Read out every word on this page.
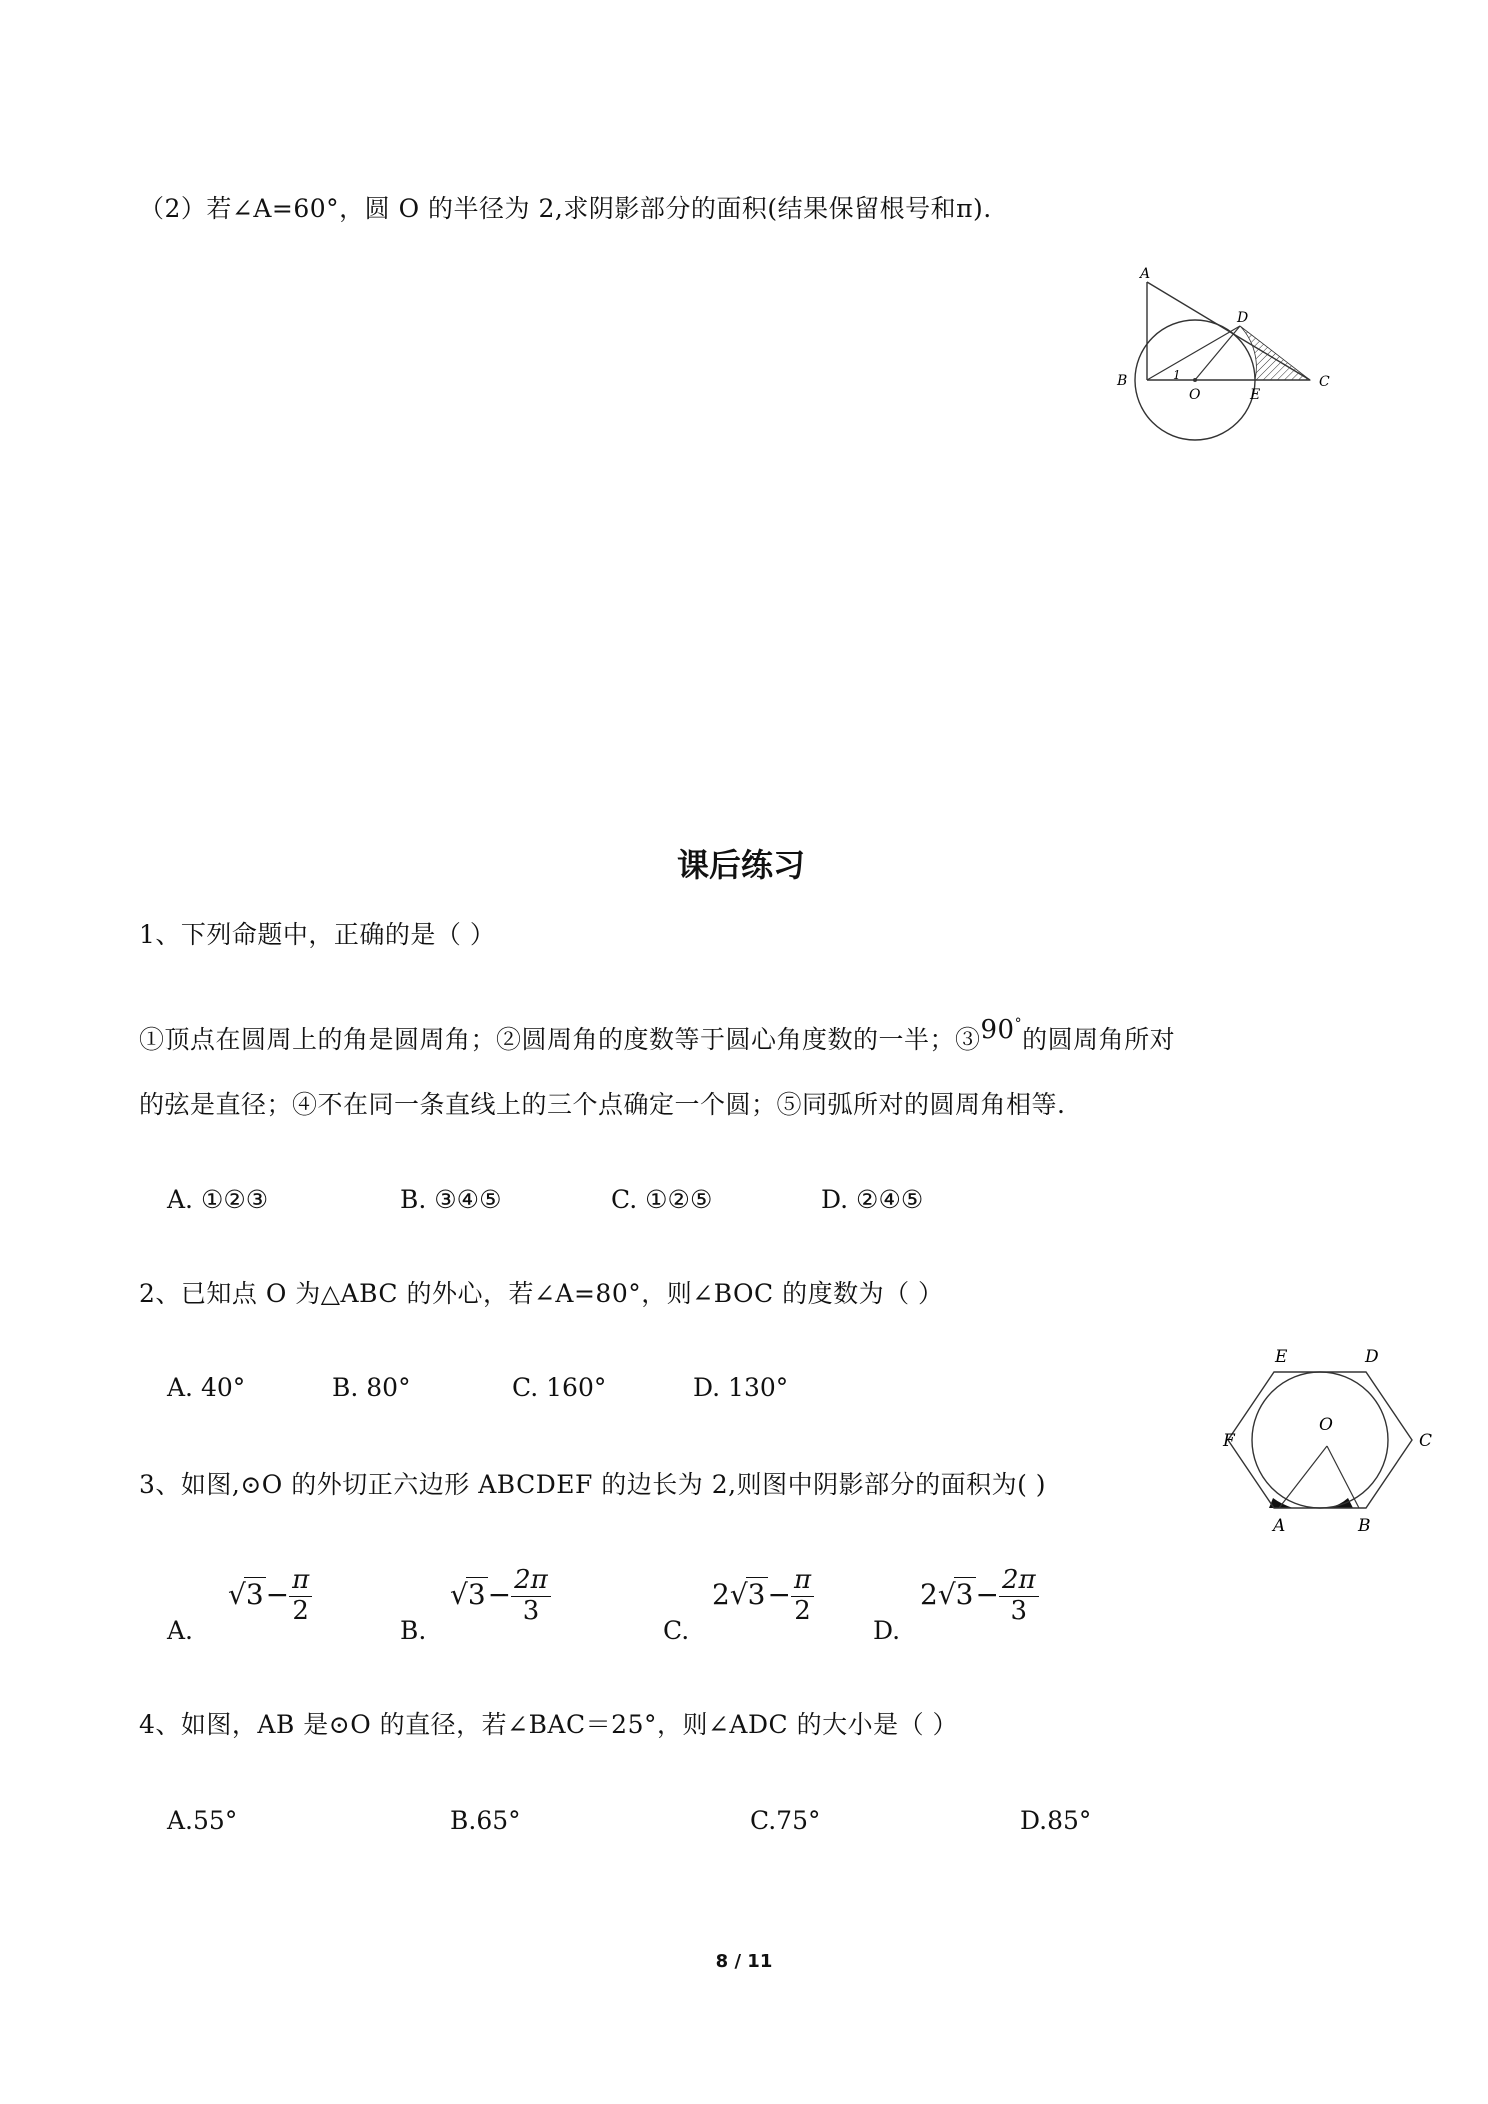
（2）若∠A=60°，圆 O 的半径为 2,求阴影部分的面积(结果保留根号和π).
A
D
B	1
O	E
C
课后练习
1、下列命题中，正确的是（ ）
①顶点在圆周上的角是圆周角；②圆周角的度数等于圆心角度数的一半；③90°的圆周角所对
的弦是直径；④不在同一条直线上的三个点确定一个圆；⑤同弧所对的圆周角相等.
A. ①②③	B. ③④⑤	C. ①②⑤	D. ②④⑤
2、已知点 O 为△ABC 的外心，若∠A=80°，则∠BOC 的度数为（ ）
A. 40°	B. 80°	C. 160°	D. 130°
O
E	D
F	C
A	B
3、如图,⊙O 的外切正六边形 ABCDEF 的边长为 2,则图中阴影部分的面积为( )
A.
$√3- \frac{\pi}{2}$
B.
$√3- \frac{2\pi}{3}$
C.
$2√3- \frac{\pi}{2}$
D.
$2√3- \frac{2\pi}{3}$
4、如图，AB 是⊙O 的直径，若∠BAC＝25°，则∠ADC 的大小是（ ）
A.55°	B.65°	C.75°	D.85°
8 / 11
